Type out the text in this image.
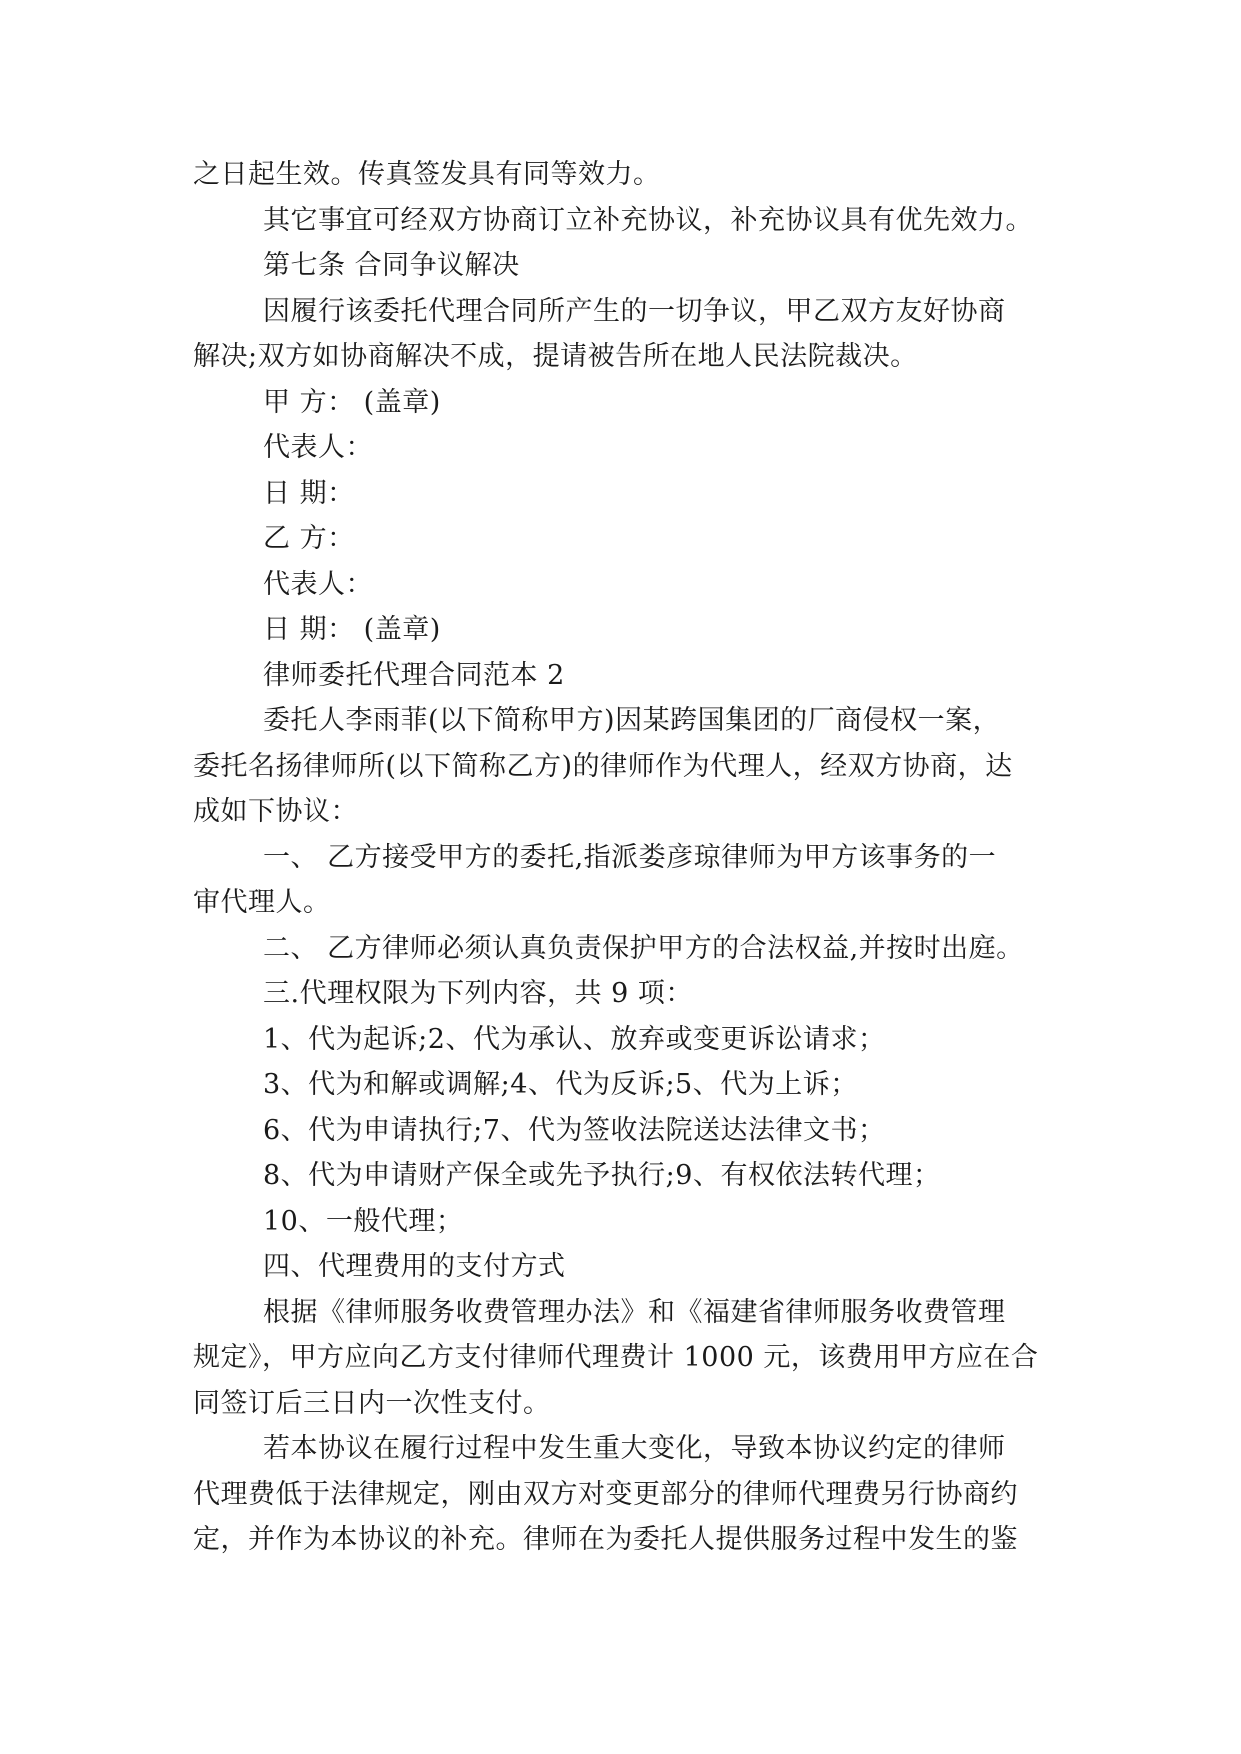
之日起生效。传真签发具有同等效力。
其它事宜可经双方协商订立补充协议，补充协议具有优先效力。
第七条 合同争议解决
因履行该委托代理合同所产生的一切争议，甲乙双方友好协商
解决;双方如协商解决不成，提请被告所在地人民法院裁决。
甲 方： (盖章)
代表人：
日 期：
乙 方：
代表人：
日 期： (盖章)
律师委托代理合同范本 2
委托人李雨菲(以下简称甲方)因某跨国集团的厂商侵权一案，
委托名扬律师所(以下简称乙方)的律师作为代理人，经双方协商，达
成如下协议：
一、 乙方接受甲方的委托,指派娄彦琼律师为甲方该事务的一
审代理人。
二、 乙方律师必须认真负责保护甲方的合法权益,并按时出庭。
三.代理权限为下列内容，共 9 项：
1、代为起诉;2、代为承认、放弃或变更诉讼请求；
3、代为和解或调解;4、代为反诉;5、代为上诉；
6、代为申请执行;7、代为签收法院送达法律文书；
8、代为申请财产保全或先予执行;9、有权依法转代理；
10、一般代理；
四、代理费用的支付方式
根据《律师服务收费管理办法》和《福建省律师服务收费管理
规定》，甲方应向乙方支付律师代理费计 1000 元，该费用甲方应在合
同签订后三日内一次性支付。
若本协议在履行过程中发生重大变化，导致本协议约定的律师
代理费低于法律规定，刚由双方对变更部分的律师代理费另行协商约
定，并作为本协议的补充。律师在为委托人提供服务过程中发生的鉴
